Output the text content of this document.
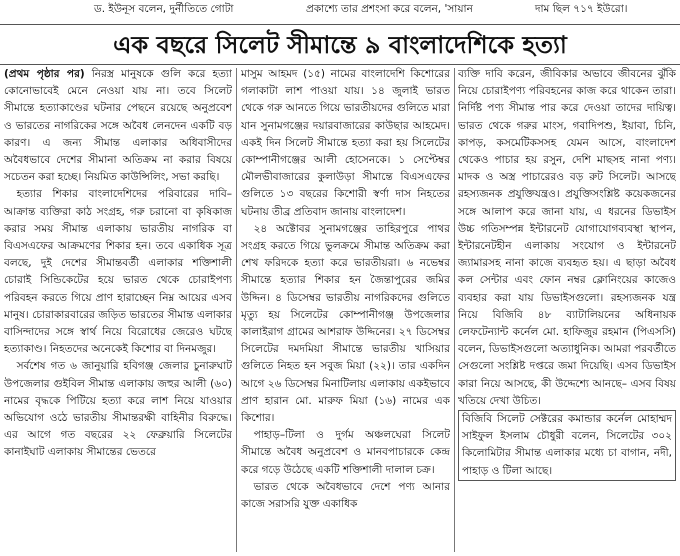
ড. ইউনূস বলেন, দুর্নীতিতে গোটা	প্রকাশ্যে তার প্রশংসা করে বলেন, 'সায়ান	দাম ছিল ৭১৭ ইউরো।
এক বছরে সিলেট সীমান্তে ৯ বাংলাদেশিকে হত্যা

(প্রথম পৃষ্ঠার পর) নিরস্ত্র মানুষকে গুলি করে হত্যা কোনোভাবেই মেনে নেওয়া যায় না। তবে সিলেট সীমান্তে হত্যাকাণ্ডের ঘটনার পেছনে রয়েছে অনুপ্রবেশ ও ভারতের নাগরিকের সঙ্গে অবৈধ লেনদেন একটি বড় কারণ। এ জন্য সীমান্ত এলাকার অধিবাসীদের অবৈধভাবে দেশের সীমানা অতিক্রম না করার বিষয়ে সচেতন করা হচ্ছে। নিয়মিত কাউন্সিলিং, সভা করছি।

হত্যার শিকার বাংলাদেশিদের পরিবারের দাবি– আক্রান্ত ব্যক্তিরা কাঠ সংগ্রহ, গরু চরানো বা কৃষিকাজ করার সময় সীমান্ত এলাকায় ভারতীয় নাগরিক বা বিএসএফের আক্রমণের শিকার হন। তবে একাধিক সূত্র বলছে, দুই দেশের সীমান্তবর্তী এলাকার শক্তিশালী চোরাই সিন্ডিকেটের হয়ে ভারত থেকে চোরাইপণ্য পরিবহন করতে গিয়ে প্রাণ হারাচ্ছেন নিম্ন আয়ের এসব মানুষ। চোরাকারবারের জড়িত ভারতের সীমান্ত এলাকার বাসিন্দাদের সঙ্গে স্বার্থ নিয়ে বিরোধের জেরেও ঘটছে হত্যাকাণ্ড। নিহতদের অনেকেই কিশোর বা দিনমজুর।

সর্বশেষ গত ৬ জানুয়ারি হবিগঞ্জ জেলার চুনারুঘাট উপজেলার গুইবিল সীমান্ত এলাকায় জহুর আলী (৬০) নামের বৃদ্ধকে পিটিয়ে হত্যা করে লাশ নিয়ে যাওয়ার অভিযোগ ওঠে ভারতীয় সীমান্তরক্ষী বাহিনীর বিরুদ্ধে। এর আগে গত বছরের ২২ ফেব্রুয়ারি সিলেটের কানাইঘাট এলাকায় সীমান্তের ভেতরে

মাসুম আহমদ (১৫) নামের বাংলাদেশি কিশোরের গলাকাটা লাশ পাওয়া যায়। ১৪ জুলাই ভারত থেকে গরু আনতে গিয়ে ভারতীয়দের গুলিতে মারা যান সুনামগঞ্জের দয়ারবাজারের কাউছার আহমেদ। একই দিন সিলেট সীমান্তে হত্যা করা হয় সিলেটের কোম্পানীগঞ্জের আলী হোসেনকে। ১ সেপ্টেম্বর মৌলভীবাজারের কুলাউড়া সীমান্তে বিএসএফের গুলিতে ১৩ বছরের কিশোরী স্বর্ণা দাস নিহতের ঘটনায় তীব্র প্রতিবাদ জানায় বাংলাদেশ।

২৪ অক্টোবর সুনামগঞ্জের তাহিরপুরে পাথর সংগ্রহ করতে গিয়ে ভুলক্রমে সীমান্ত অতিক্রম করা শেখ ফরিদকে হত্যা করে ভারতীয়রা। ৬ নভেম্বর সীমান্তে হত্যার শিকার হন জৈন্তাপুরের জমির উদ্দিন। ৪ ডিসেম্বর ভারতীয় নাগরিকদের গুলিতে মৃত্যু হয় সিলেটের কোম্পানীগঞ্জ উপজেলার কালাইরাগ গ্রামের আশরাফ উদ্দিনের। ২৭ ডিসেম্বর সিলেটের দমদমিয়া সীমান্তে ভারতীয় খাসিয়ার গুলিতে নিহত হন সবুজ মিয়া (২২)। তার একদিন আগে ২৬ ডিসেম্বর মিনাটিলায় এলাকায় একইভাবে প্রাণ হারান মো. মারুফ মিয়া (১৬) নামের এক কিশোর।

পাহাড়–টিলা ও দুর্গম অঞ্চলঘেরা সিলেট সীমান্তে অবৈধ অনুপ্রবেশ ও মানবপাচারকে কেন্দ্র করে গড়ে উঠেছে একটি শক্তিশালী দালাল চক্র।

ভারত থেকে অবৈধভাবে দেশে পণ্য আনার কাজে সরাসরি যুক্ত একাধিক

ব্যক্তি দাবি করেন, জীবিকার অভাবে জীবনের ঝুঁকি নিয়ে চোরাইপণ্য পরিবহনের কাজ করে থাকেন তারা। নির্দিষ্ট পণ্য সীমান্ত পার করে দেওয়া তাদের দায়িত্ব। ভারত থেকে গরুর মাংস, গবাদিপশু, ইয়াবা, চিনি, কাপড়, কসমেটিকসসহ যেমন আসে, বাংলাদেশ থেকেও পাচার হয় রসুন, দেশি মাছসহ নানা পণ্য। মাদক ও অস্ত্র পাচারেরও বড় রুট সিলেট। আসছে রহস্যজনক প্রযুক্তিযন্ত্রও। প্রযুক্তিসংশ্লিষ্ট কয়েকজনের সঙ্গে আলাপ করে জানা যায়, এ ধরনের ডিভাইস উচ্চ গতিসম্পন্ন ইন্টারনেট যোগাযোগব্যবস্থা স্থাপন, ইন্টারনেটহীন এলাকায় সংযোগ ও ইন্টারনেট জ্যামারসহ নানা কাজে ব্যবহৃত হয়। এ ছাড়া অবৈধ কল সেন্টার এবং ফোন নম্বর ক্লোনিংয়ের কাজেও ব্যবহার করা যায় ডিভাইসগুলো। রহস্যজনক যন্ত্র নিয়ে বিজিবি ৪৮ ব্যাটালিয়নের অধিনায়ক লেফটেন্যান্ট কর্নেল মো. হাফিজুর রহমান (পিএসসি) বলেন, ডিভাইসগুলো অত্যাধুনিক। আমরা পরবর্তীতে সেগুলো সংশ্লিষ্ট দপ্তরে জমা দিয়েছি। এসব ডিভাইস কারা নিয়ে আসছে, কী উদ্দেশ্যে আনছে– এসব বিষয় খতিয়ে দেখা উচিত।

বিজিবি সিলেট সেক্টরের কমান্ডার কর্নেল মোহাম্মদ সাইফুল ইসলাম চৌধুরী বলেন, সিলেটের ৩০২ কিলোমিটার সীমান্ত এলাকার মধ্যে চা বাগান, নদী, পাহাড় ও টিলা আছে।
